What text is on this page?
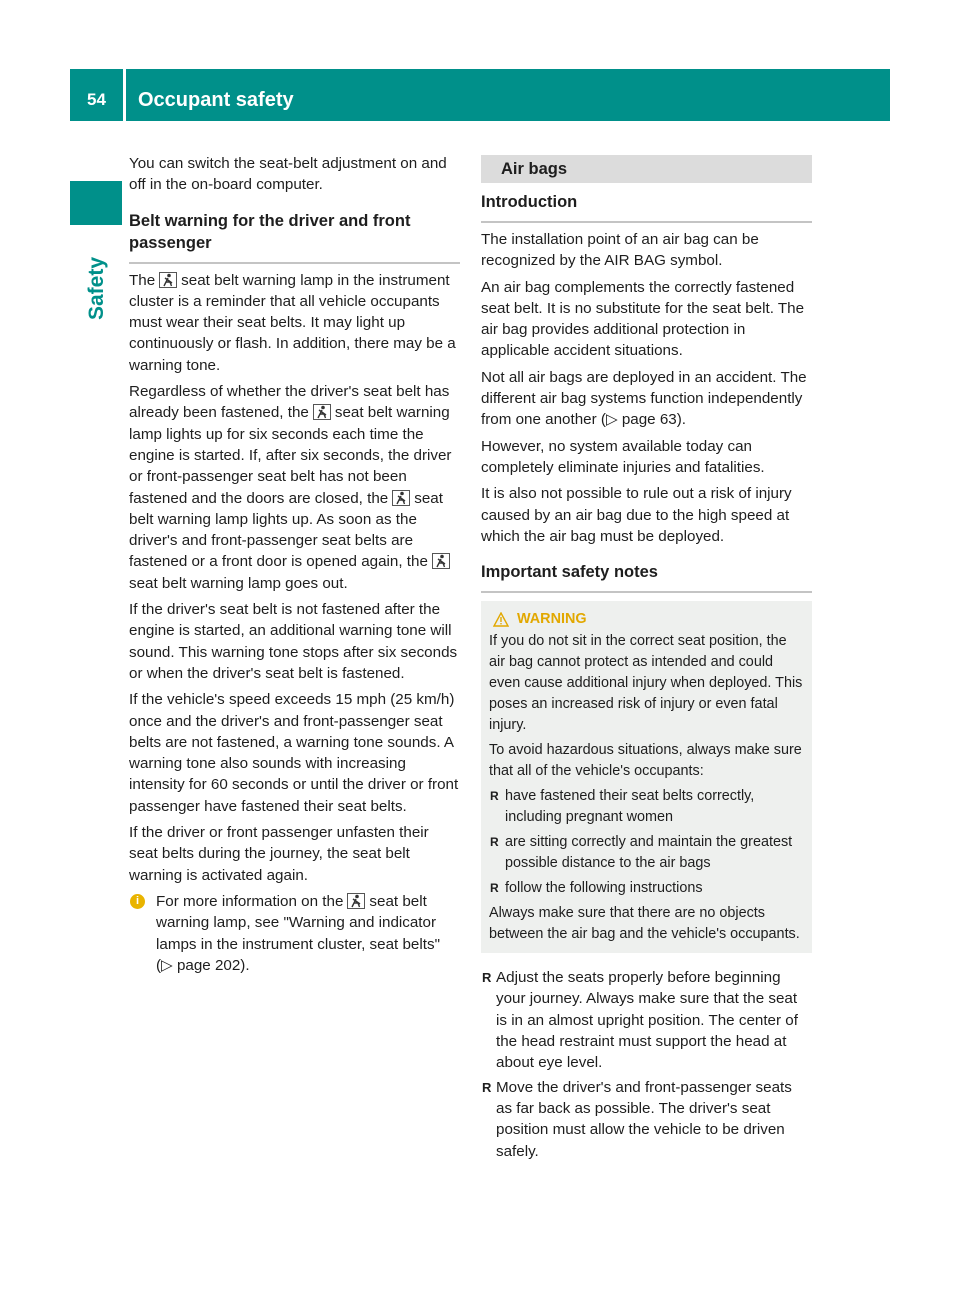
54	Occupant safety
Safety

You can switch the seat-belt adjustment on and off in the on-board computer.

Belt warning for the driver and front passenger

The seat belt warning lamp in the instrument cluster is a reminder that all vehicle occupants must wear their seat belts. It may light up continuously or flash. In addition, there may be a warning tone.

Regardless of whether the driver's seat belt has already been fastened, the seat belt warning lamp lights up for six seconds each time the engine is started. If, after six seconds, the driver or front-passenger seat belt has not been fastened and the doors are closed, the seat belt warning lamp lights up. As soon as the driver's and front-passenger seat belts are fastened or a front door is opened again, the
seat belt warning lamp goes out.

If the driver's seat belt is not fastened after the engine is started, an additional warning tone will sound. This warning tone stops after six seconds or when the driver's seat belt is fastened.

If the vehicle's speed exceeds 15 mph (25 km/h) once and the driver's and front-passenger seat belts are not fastened, a warning tone sounds. A warning tone also sounds with increasing intensity for 60 seconds or until the driver or front passenger have fastened their seat belts.

If the driver or front passenger unfasten their seat belts during the journey, the seat belt warning is activated again.

i	For more information on the seat belt warning lamp, see "Warning and indicator lamps in the instrument cluster, seat belts" (▷ page 202).
Air bags
Introduction

The installation point of an air bag can be recognized by the AIR BAG symbol.

An air bag complements the correctly fastened seat belt. It is no substitute for the seat belt. The air bag provides additional protection in applicable accident situations.

Not all air bags are deployed in an accident. The different air bag systems function independently from one another (▷ page 63).

However, no system available today can completely eliminate injuries and fatalities.

It is also not possible to rule out a risk of injury caused by an air bag due to the high speed at which the air bag must be deployed.

Important safety notes
WARNING

If you do not sit in the correct seat position, the air bag cannot protect as intended and could even cause additional injury when deployed. This poses an increased risk of injury or even fatal injury.

To avoid hazardous situations, always make sure that all of the vehicle's occupants:

R have fastened their seat belts correctly, including pregnant women
R are sitting correctly and maintain the greatest possible distance to the air bags
R follow the following instructions

Always make sure that there are no objects between the air bag and the vehicle's occupants.

R Adjust the seats properly before beginning your journey. Always make sure that the seat is in an almost upright position. The center of the head restraint must support the head at about eye level.
R Move the driver's and front-passenger seats as far back as possible. The driver's seat position must allow the vehicle to be driven safely.
